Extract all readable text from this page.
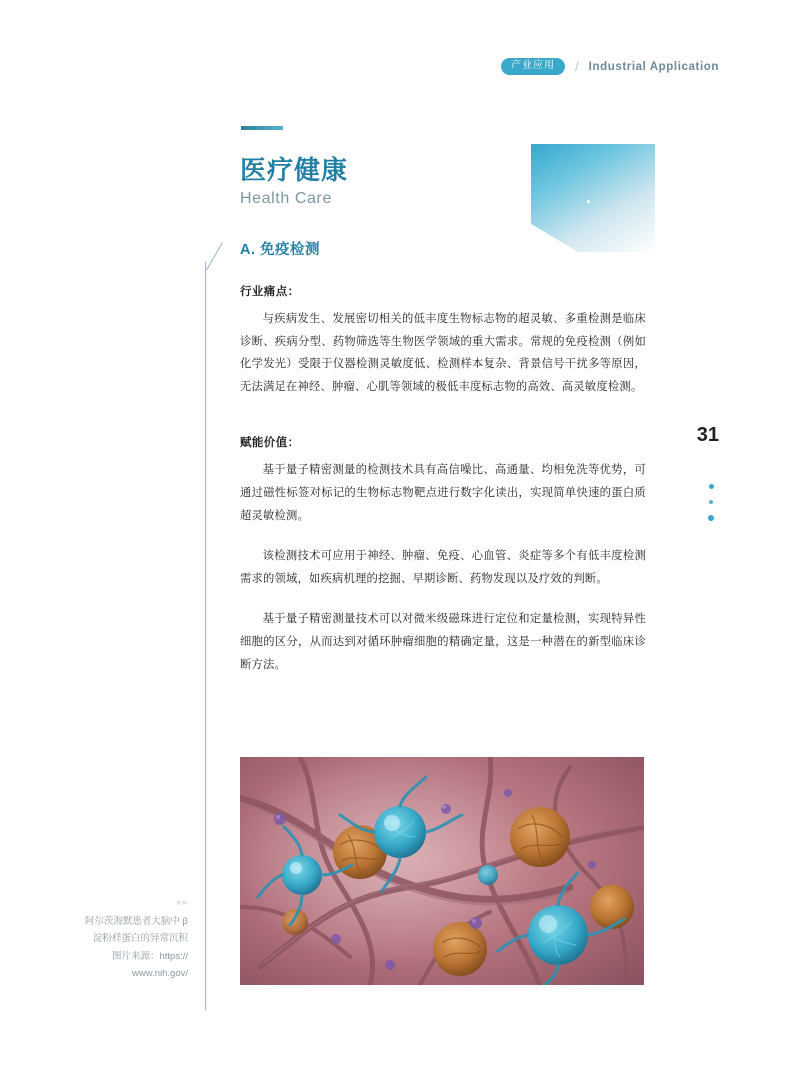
产业应用	/ Industrial Application
医疗健康
Health Care
A. 免疫检测
行业痛点：

与疾病发生、发展密切相关的低丰度生物标志物的超灵敏、多重检测是临床诊断、疾病分型、药物筛选等生物医学领域的重大需求。常规的免疫检测（例如化学发光）受限于仪器检测灵敏度低、检测样本复杂、背景信号干扰多等原因，无法满足在神经、肿瘤、心肌等领域的极低丰度标志物的高效、高灵敏度检测。

赋能价值：

基于量子精密测量的检测技术具有高信噪比、高通量、均相免洗等优势，可通过磁性标签对标记的生物标志物靶点进行数字化读出，实现简单快速的蛋白质超灵敏检测。

该检测技术可应用于神经、肿瘤、免疫、心血管、炎症等多个有低丰度检测需求的领域，如疾病机理的挖掘、早期诊断、药物发现以及疗效的判断。

基于量子精密测量技术可以对微米级磁珠进行定位和定量检测，实现特异性细胞的区分，从而达到对循环肿瘤细胞的精确定量，这是一种潜在的新型临床诊断方法。

31
»»
阿尔茨海默患者大脑中 β
淀粉样蛋白的异常沉积
图片来源：https://
www.nih.gov/
